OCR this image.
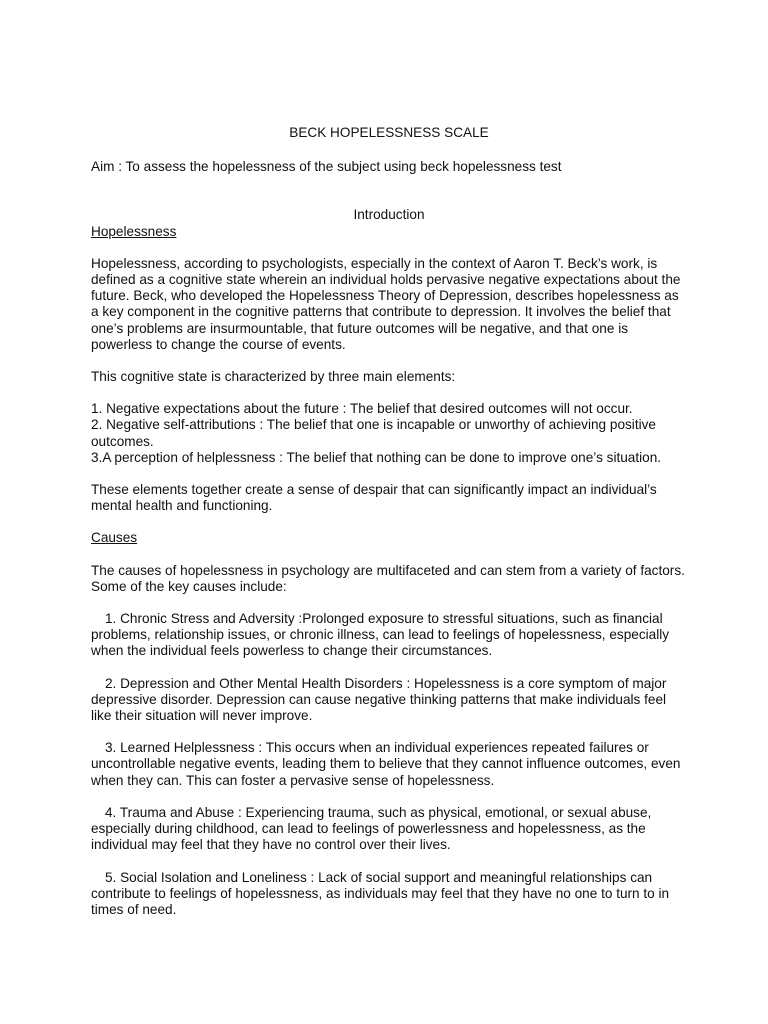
BECK HOPELESSNESS SCALE

Aim : To assess the hopelessness of the subject using beck hopelessness test

Introduction

Hopelessness

Hopelessness, according to psychologists, especially in the context of Aaron T. Beck’s work, is defined as a cognitive state wherein an individual holds pervasive negative expectations about the future. Beck, who developed the Hopelessness Theory of Depression, describes hopelessness as a key component in the cognitive patterns that contribute to depression. It involves the belief that one’s problems are insurmountable, that future outcomes will be negative, and that one is powerless to change the course of events.

This cognitive state is characterized by three main elements:

1. Negative expectations about the future : The belief that desired outcomes will not occur.

2. Negative self-attributions : The belief that one is incapable or unworthy of achieving positive outcomes.

3.A perception of helplessness : The belief that nothing can be done to improve one’s situation.

These elements together create a sense of despair that can significantly impact an individual’s mental health and functioning.

Causes

The causes of hopelessness in psychology are multifaceted and can stem from a variety of factors. Some of the key causes include:

1. Chronic Stress and Adversity :Prolonged exposure to stressful situations, such as financial problems, relationship issues, or chronic illness, can lead to feelings of hopelessness, especially when the individual feels powerless to change their circumstances.

2. Depression and Other Mental Health Disorders : Hopelessness is a core symptom of major depressive disorder. Depression can cause negative thinking patterns that make individuals feel like their situation will never improve.

3. Learned Helplessness : This occurs when an individual experiences repeated failures or uncontrollable negative events, leading them to believe that they cannot influence outcomes, even when they can. This can foster a pervasive sense of hopelessness.

4. Trauma and Abuse : Experiencing trauma, such as physical, emotional, or sexual abuse, especially during childhood, can lead to feelings of powerlessness and hopelessness, as the individual may feel that they have no control over their lives.

5. Social Isolation and Loneliness : Lack of social support and meaningful relationships can contribute to feelings of hopelessness, as individuals may feel that they have no one to turn to in times of need.
